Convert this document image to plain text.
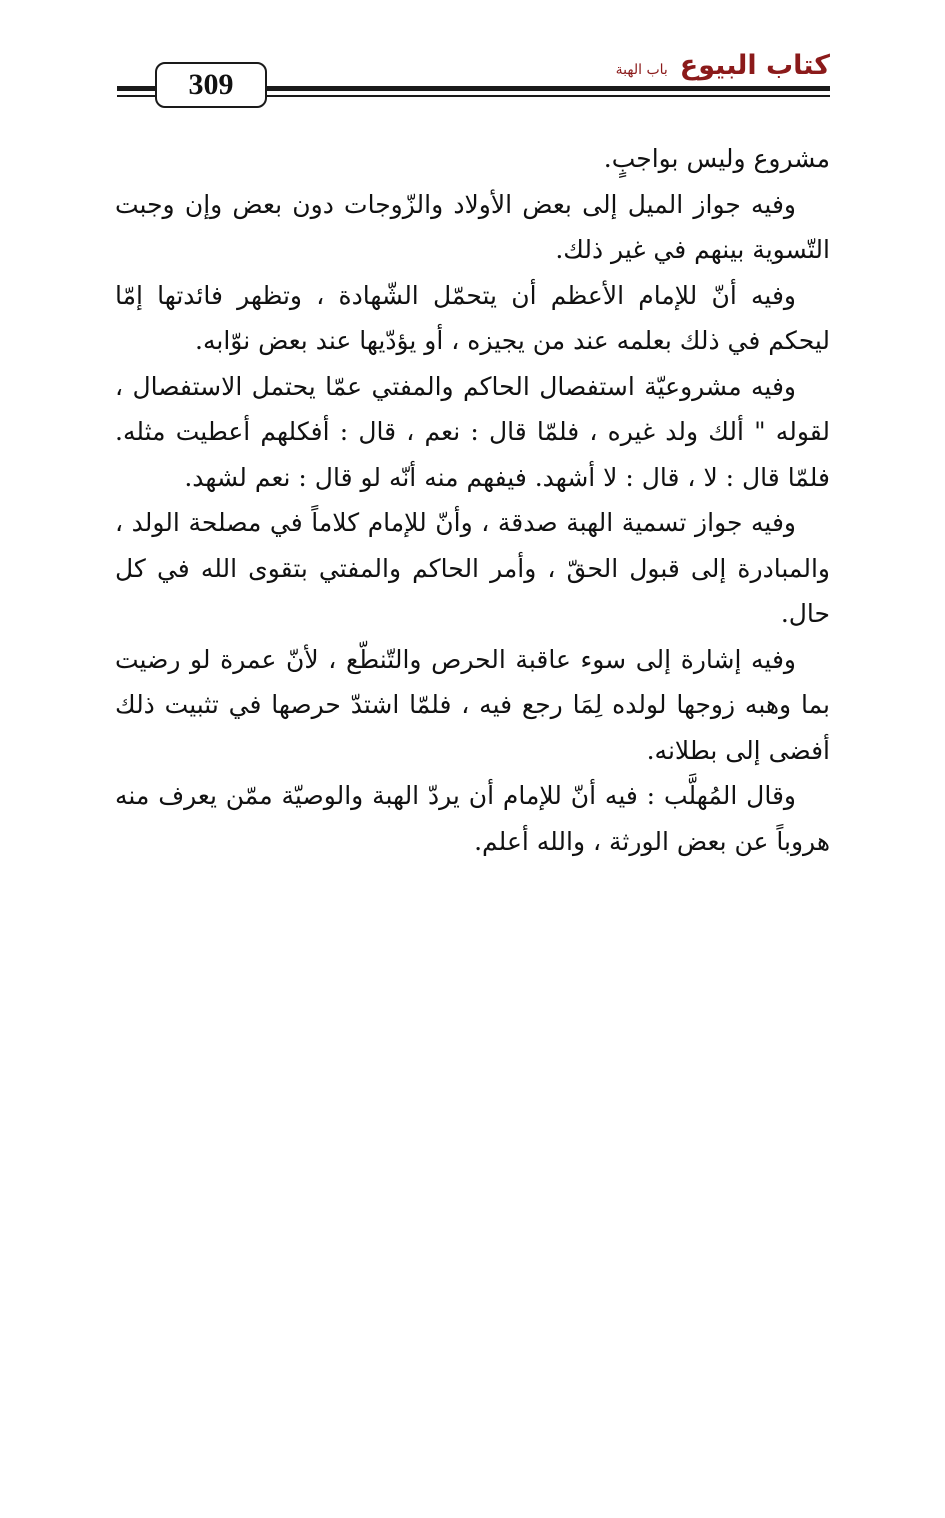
309
كتاب البيوع
باب الهبة

مشروع وليس بواجبٍ.

وفيه جواز الميل إلى بعض الأولاد والزّوجات دون بعض وإن وجبت التّسوية بينهم في غير ذلك.

وفيه أنّ للإمام الأعظم أن يتحمّل الشّهادة ، وتظهر فائدتها إمّا ليحكم في ذلك بعلمه عند من يجيزه ، أو يؤدّيها عند بعض نوّابه.

وفيه مشروعيّة استفصال الحاكم والمفتي عمّا يحتمل الاستفصال ، لقوله " ألك ولد غيره ، فلمّا قال : نعم ، قال : أفكلهم أعطيت مثله. فلمّا قال : لا ، قال : لا أشهد. فيفهم منه أنّه لو قال : نعم لشهد.

وفيه جواز تسمية الهبة صدقة ، وأنّ للإمام كلاماً في مصلحة الولد ، والمبادرة إلى قبول الحقّ ، وأمر الحاكم والمفتي بتقوى الله في كل حال.

وفيه إشارة إلى سوء عاقبة الحرص والتّنطّع ، لأنّ عمرة لو رضيت بما وهبه زوجها لولده لِمَا رجع فيه ، فلمّا اشتدّ حرصها في تثبيت ذلك أفضى إلى بطلانه.

وقال المُهلَّب : فيه أنّ للإمام أن يردّ الهبة والوصيّة ممّن يعرف منه هروباً عن بعض الورثة ، والله أعلم.
